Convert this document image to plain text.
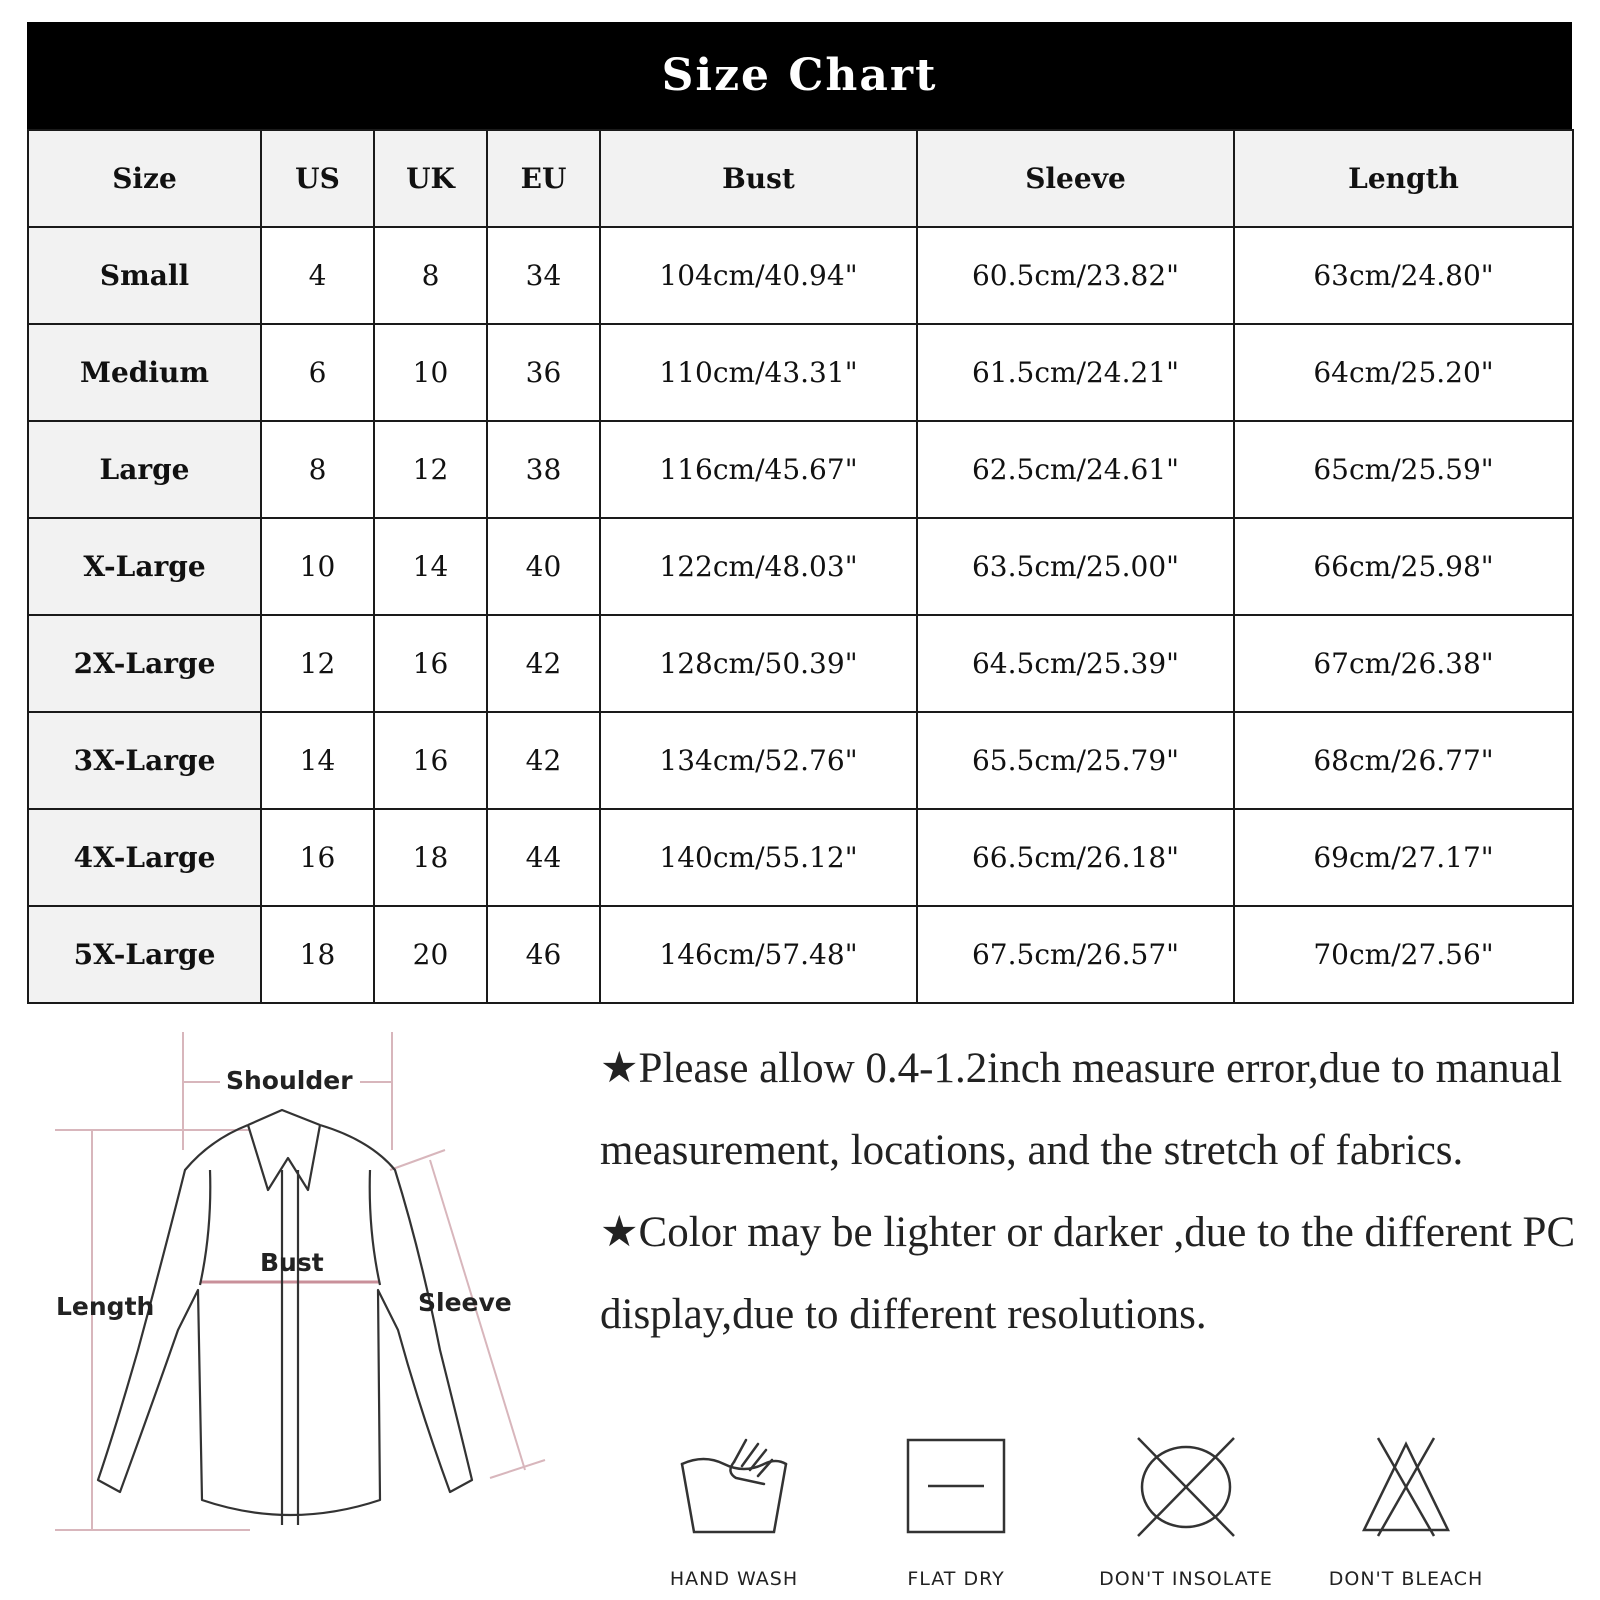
Size Chart
Size	US	UK	EU	Bust	Sleeve	Length
Small	4	8	34	104cm/40.94"	60.5cm/23.82"	63cm/24.80"
Medium	6	10	36	110cm/43.31"	61.5cm/24.21"	64cm/25.20"
Large	8	12	38	116cm/45.67"	62.5cm/24.61"	65cm/25.59"
X-Large	10	14	40	122cm/48.03"	63.5cm/25.00"	66cm/25.98"
2X-Large	12	16	42	128cm/50.39"	64.5cm/25.39"	67cm/26.38"
3X-Large	14	16	42	134cm/52.76"	65.5cm/25.79"	68cm/26.77"
4X-Large	16	18	44	140cm/55.12"	66.5cm/26.18"	69cm/27.17"
5X-Large	18	20	46	146cm/57.48"	67.5cm/26.57"	70cm/27.56"
Shoulder
Bust
Length	Sleeve

★Please allow 0.4-1.2inch measure error,due to manual measurement, locations, and the stretch of fabrics.

★Color may be lighter or darker ,due to the different PC display,due to different resolutions.

HAND WASH	FLAT DRY	DON'T INSOLATE	DON'T BLEACH
